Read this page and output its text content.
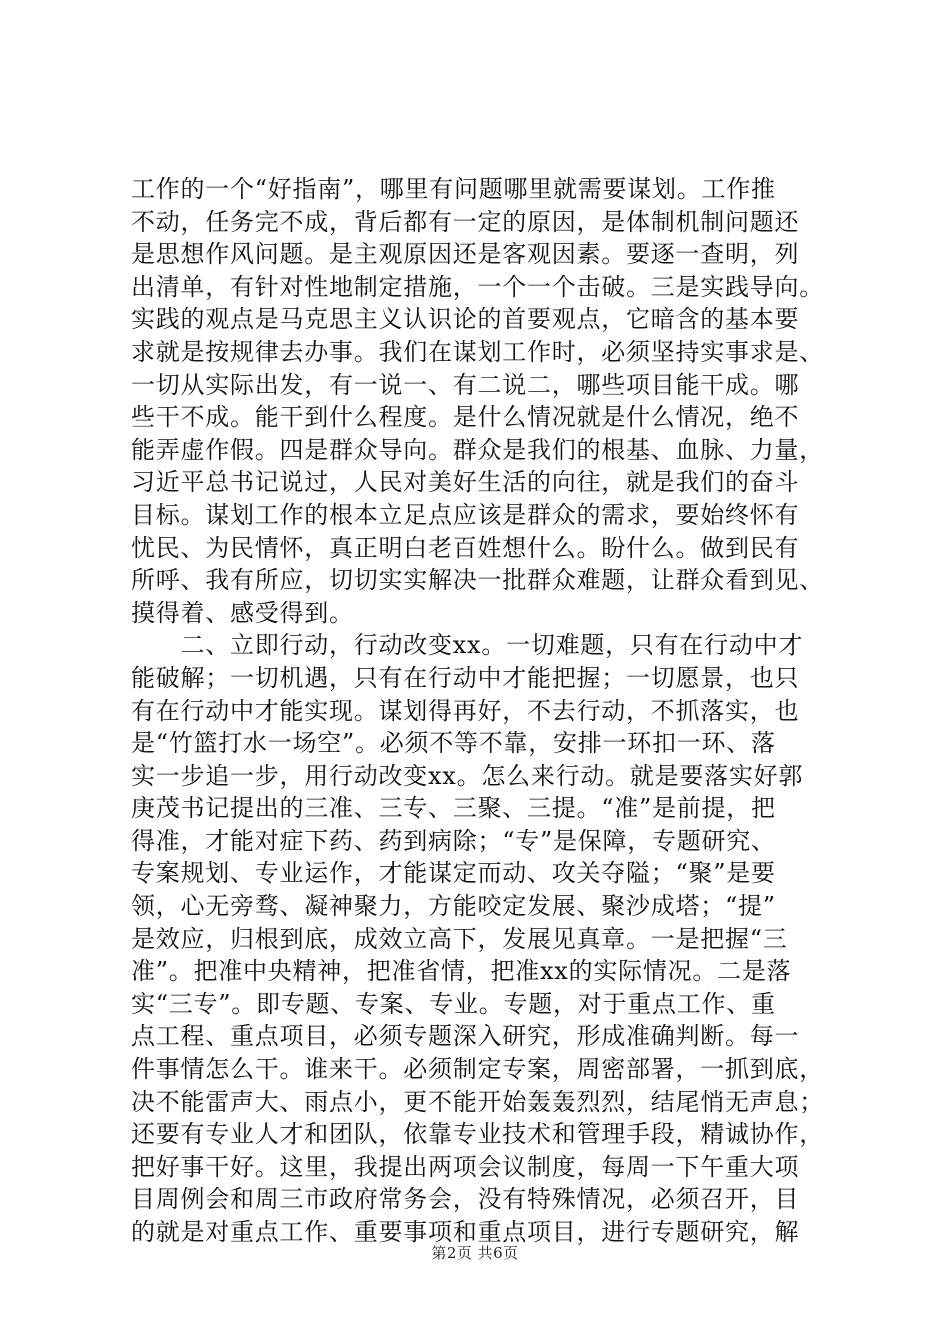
工作的一个“好指南”，哪里有问题哪里就需要谋划。工作推
不动，任务完不成，背后都有一定的原因，是体制机制问题还
是思想作风问题。是主观原因还是客观因素。要逐一查明，列
出清单，有针对性地制定措施，一个一个击破。三是实践导向。
实践的观点是马克思主义认识论的首要观点，它暗含的基本要
求就是按规律去办事。我们在谋划工作时，必须坚持实事求是、
一切从实际出发，有一说一、有二说二，哪些项目能干成。哪
些干不成。能干到什么程度。是什么情况就是什么情况，绝不
能弄虚作假。四是群众导向。群众是我们的根基、血脉、力量，
习近平总书记说过，人民对美好生活的向往，就是我们的奋斗
目标。谋划工作的根本立足点应该是群众的需求，要始终怀有
忧民、为民情怀，真正明白老百姓想什么。盼什么。做到民有
所呼、我有所应，切切实实解决一批群众难题，让群众看到见、
摸得着、感受得到。
　　二、立即行动，行动改变xx。一切难题，只有在行动中才
能破解；一切机遇，只有在行动中才能把握；一切愿景，也只
有在行动中才能实现。谋划得再好，不去行动，不抓落实，也
是“竹篮打水一场空”。必须不等不靠，安排一环扣一环、落
实一步追一步，用行动改变xx。怎么来行动。就是要落实好郭
庚茂书记提出的三准、三专、三聚、三提。“准”是前提，把
得准，才能对症下药、药到病除；“专”是保障，专题研究、
专案规划、专业运作，才能谋定而动、攻关夺隘；“聚”是要
领，心无旁骛、凝神聚力，方能咬定发展、聚沙成塔；“提”
是效应，归根到底，成效立高下，发展见真章。一是把握“三
准”。把准中央精神，把准省情，把准xx的实际情况。二是落
实“三专”。即专题、专案、专业。专题，对于重点工作、重
点工程、重点项目，必须专题深入研究，形成准确判断。每一
件事情怎么干。谁来干。必须制定专案，周密部署，一抓到底，
决不能雷声大、雨点小，更不能开始轰轰烈烈，结尾悄无声息；
还要有专业人才和团队，依靠专业技术和管理手段，精诚协作，
把好事干好。这里，我提出两项会议制度，每周一下午重大项
目周例会和周三市政府常务会，没有特殊情况，必须召开，目
的就是对重点工作、重要事项和重点项目，进行专题研究，解
第2页 共6页
